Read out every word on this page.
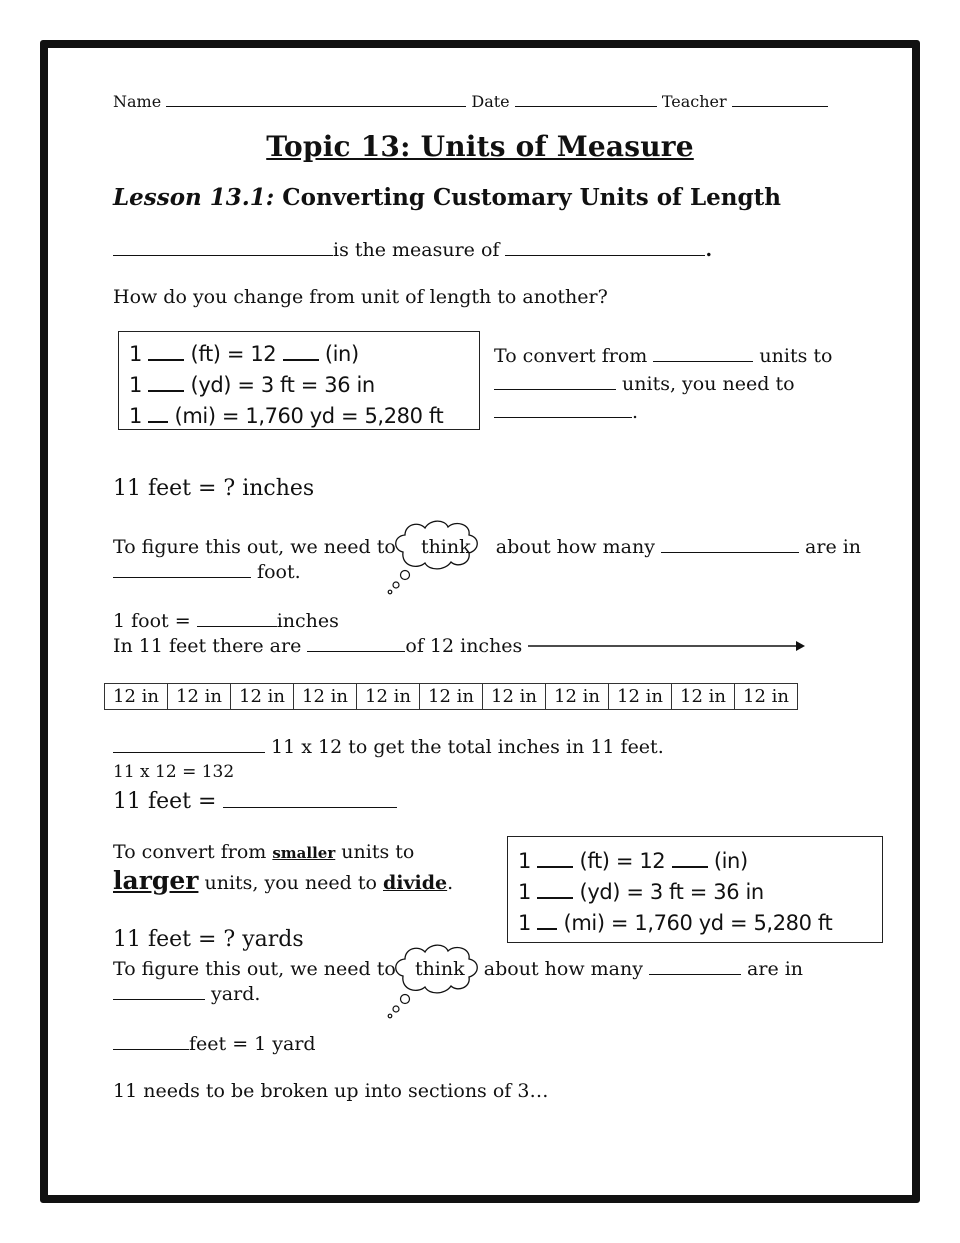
Name	Date	Teacher
Topic 13: Units of Measure
Lesson 13.1: Converting Customary Units of Length
is the measure of	.
How do you change from unit of length to another?
1 (ft) = 12 (in)
1 (yd) = 3 ft = 36 in
1 (mi) = 1,760 yd = 5,280 ft
To convert from	units to
units, you need to
.
11 feet = ? inches
To figure this out, we need to think about how many	are in
foot.
1 foot =	inches
In 11 feet there are	of 12 inches
12 in 12 in 12 in 12 in 12 in 12 in 12 in 12 in 12 in 12 in 12 in
11 x 12 to get the total inches in 11 feet.
11 x 12 = 132
11 feet =
To convert from smaller units to
larger units, you need to divide.
1 (ft) = 12 (in)
1 (yd) = 3 ft = 36 in
1 (mi) = 1,760 yd = 5,280 ft
11 feet = ? yards
To figure this out, we need to think about how many	are in
yard.
feet = 1 yard
11 needs to be broken up into sections of 3…
